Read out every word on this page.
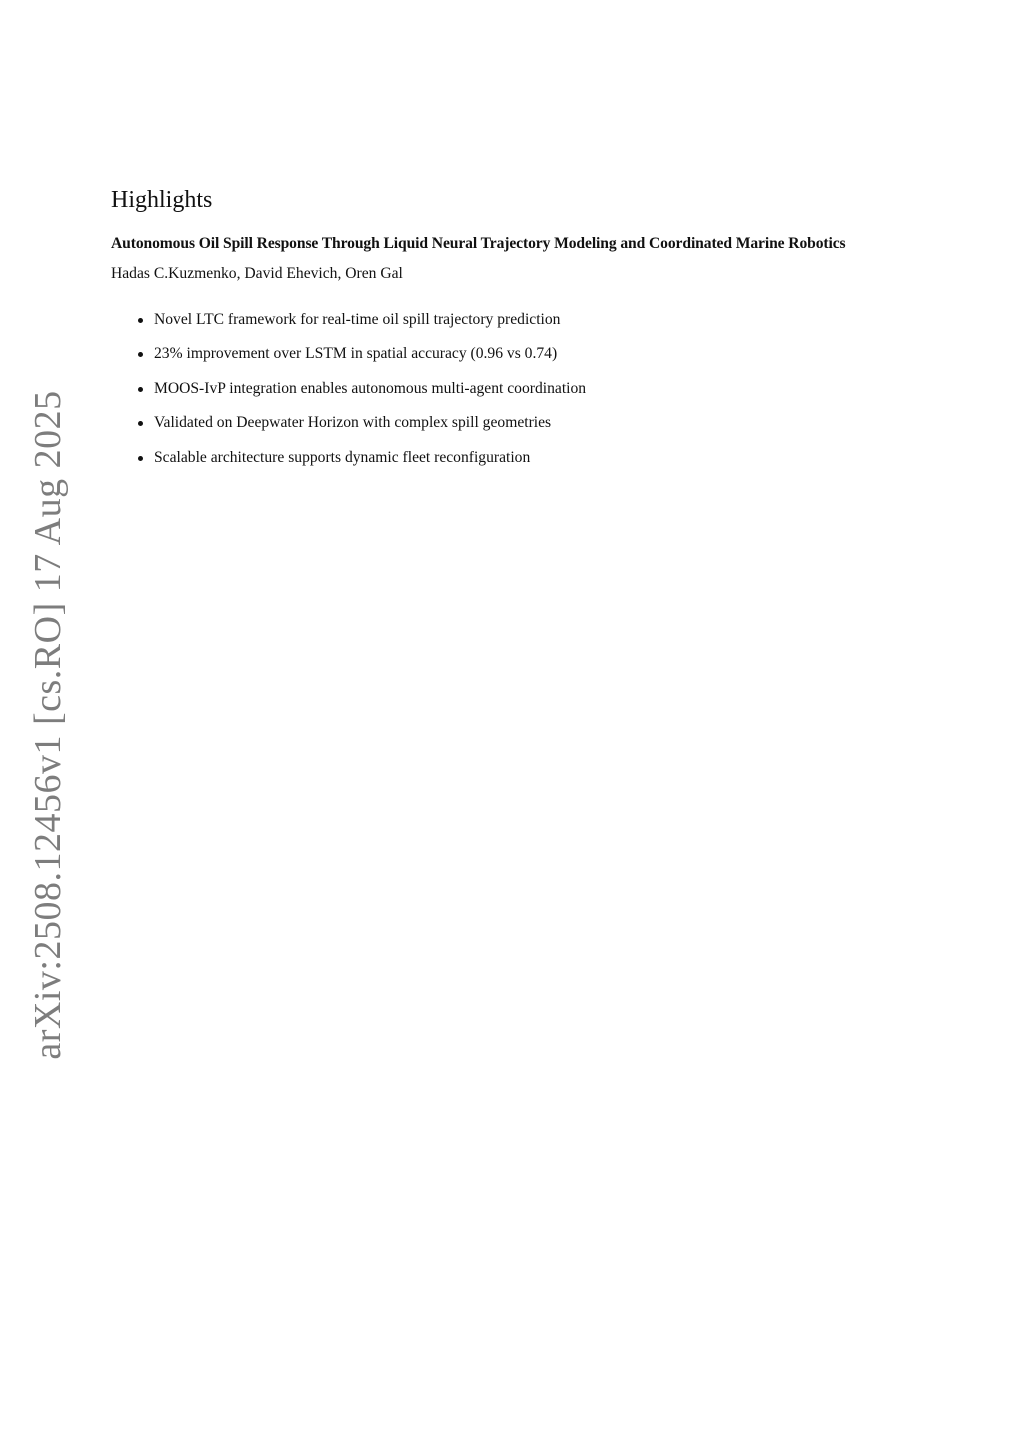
arXiv:2508.12456v1 [cs.RO] 17 Aug 2025
Highlights
Autonomous Oil Spill Response Through Liquid Neural Trajectory Modeling and Coordinated Marine Robotics
Hadas C.Kuzmenko, David Ehevich, Oren Gal
Novel LTC framework for real-time oil spill trajectory prediction
23% improvement over LSTM in spatial accuracy (0.96 vs 0.74)
MOOS-IvP integration enables autonomous multi-agent coordination
Validated on Deepwater Horizon with complex spill geometries
Scalable architecture supports dynamic fleet reconfiguration
